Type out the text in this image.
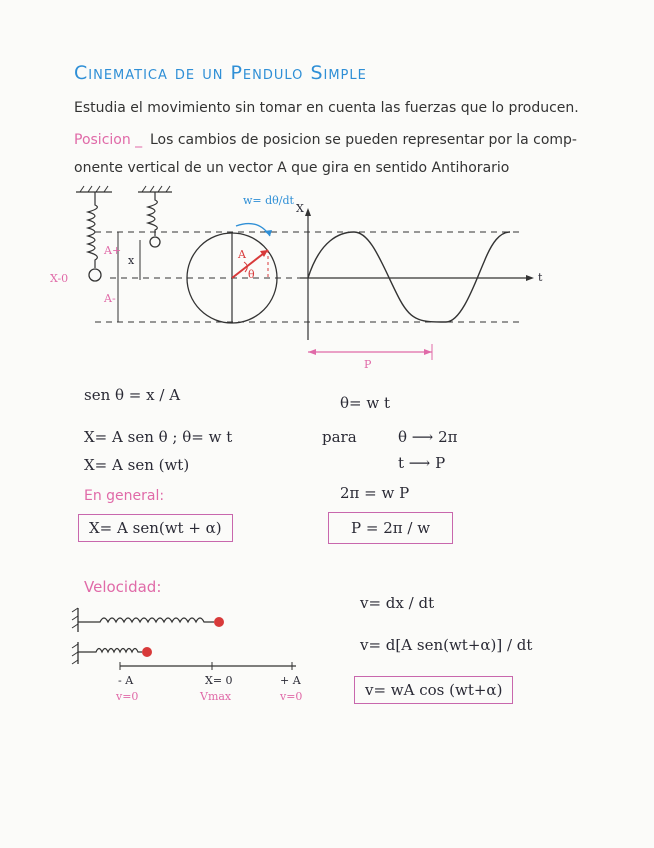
Cinematica de un Pendulo Simple
Estudia el movimiento sin tomar en cuenta las fuerzas que lo producen.
Posicion _ Los cambios de posicion se pueden representar por la comp-
onente vertical de un vector A que gira en sentido Antihorario
w= dθ/dt
X
t
P
X-0
A+
A-
x	A
θ
sen θ = x / A
X= A sen θ ; θ= w t
X= A sen (wt)
En general:
X= A sen(wt + α)
θ= w t
para	θ ⟶ 2π
t ⟶ P
2π = w P
P = 2π / w
Velocidad:
- A	X= 0	+ A
v=0	Vmax	v=0
v= dx / dt
v= d[A sen(wt+α)] / dt
v= wA cos (wt+α)
